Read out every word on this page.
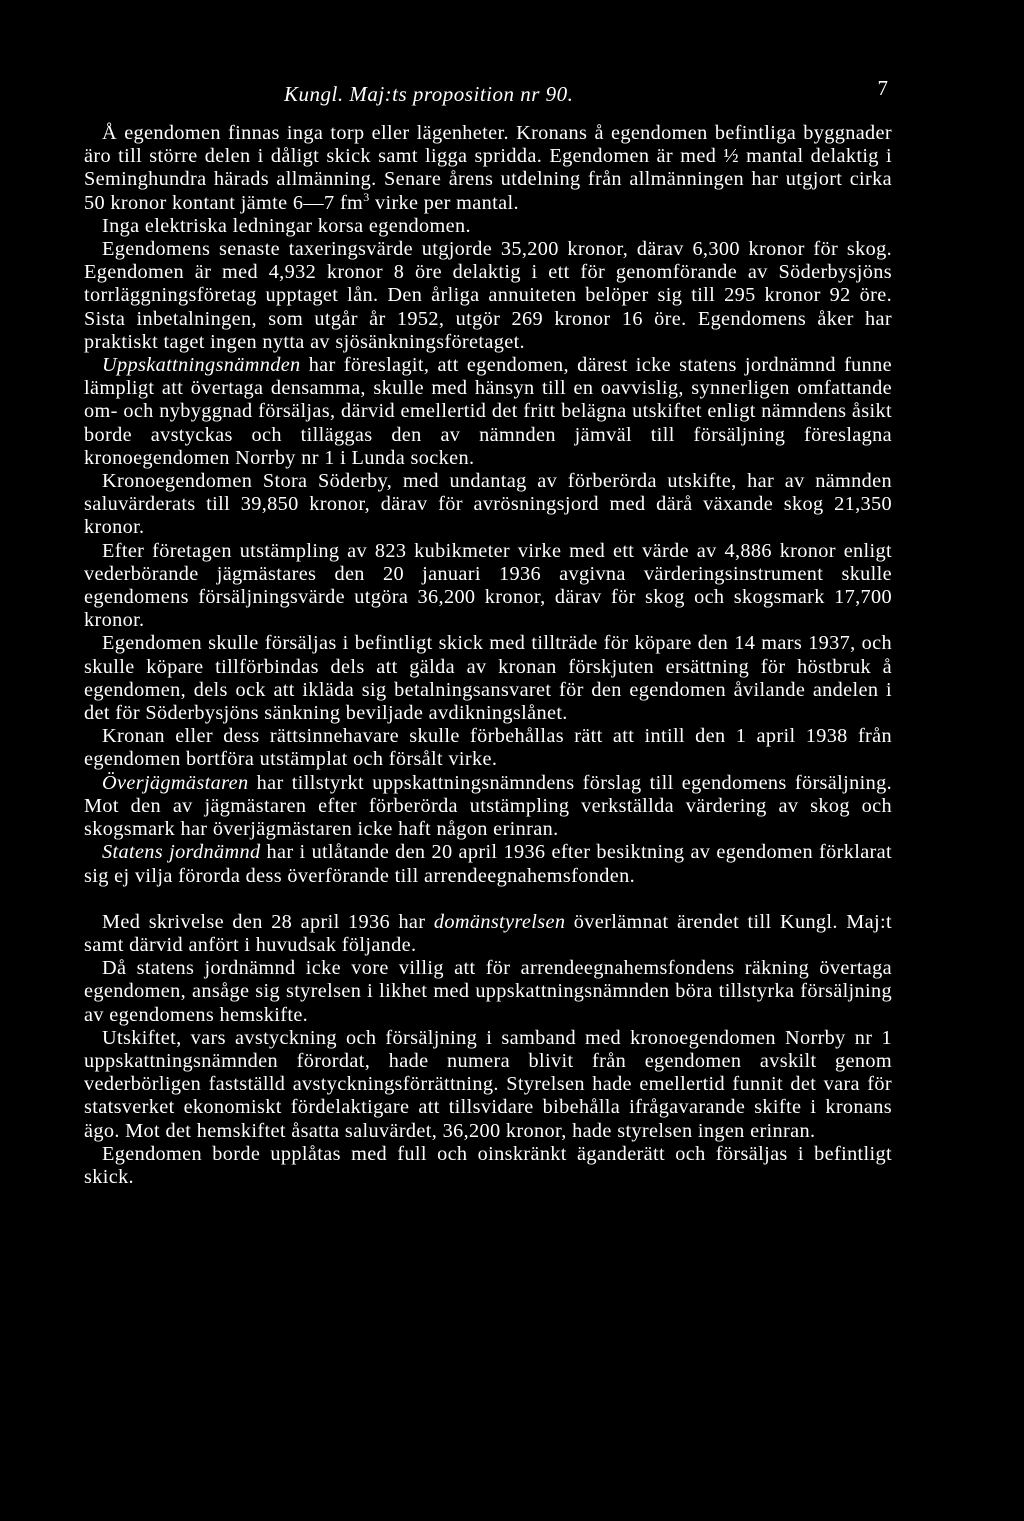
Kungl. Maj:ts proposition nr 90.	7

Å egendomen finnas inga torp eller lägenheter. Kronans å egendomen befintliga byggnader äro till större delen i dåligt skick samt ligga spridda. Egendomen är med ½ mantal delaktig i Seminghundra härads allmänning. Senare årens utdelning från allmänningen har utgjort cirka 50 kronor kontant jämte 6—7 $fm^3$ virke per mantal.

Inga elektriska ledningar korsa egendomen.

Egendomens senaste taxeringsvärde utgjorde 35,200 kronor, därav 6,300 kronor för skog. Egendomen är med 4,932 kronor 8 öre delaktig i ett för genomförande av Söderbysjöns torrläggningsföretag upptaget lån. Den årliga annuiteten belöper sig till 295 kronor 92 öre. Sista inbetalningen, som utgår år 1952, utgör 269 kronor 16 öre. Egendomens åker har praktiskt taget ingen nytta av sjösänkningsföretaget.

Uppskattningsnämnden har föreslagit, att egendomen, därest icke statens jordnämnd funne lämpligt att övertaga densamma, skulle med hänsyn till en oavvislig, synnerligen omfattande om- och nybyggnad försäljas, därvid emellertid det fritt belägna utskiftet enligt nämndens åsikt borde avstyckas och tilläggas den av nämnden jämväl till försäljning föreslagna kronoegendomen Norrby nr 1 i Lunda socken.

Kronoegendomen Stora Söderby, med undantag av förberörda utskifte, har av nämnden saluvärderats till 39,850 kronor, därav för avrösningsjord med därå växande skog 21,350 kronor.

Efter företagen utstämpling av 823 kubikmeter virke med ett värde av 4,886 kronor enligt vederbörande jägmästares den 20 januari 1936 avgivna värderingsinstrument skulle egendomens försäljningsvärde utgöra 36,200 kronor, därav för skog och skogsmark 17,700 kronor.

Egendomen skulle försäljas i befintligt skick med tillträde för köpare den 14 mars 1937, och skulle köpare tillförbindas dels att gälda av kronan förskjuten ersättning för höstbruk å egendomen, dels ock att ikläda sig betalningsansvaret för den egendomen åvilande andelen i det för Söderbysjöns sänkning beviljade avdikningslånet.

Kronan eller dess rättsinnehavare skulle förbehållas rätt att intill den 1 april 1938 från egendomen bortföra utstämplat och försålt virke.

Överjägmästaren har tillstyrkt uppskattningsnämndens förslag till egendomens försäljning. Mot den av jägmästaren efter förberörda utstämpling verkställda värdering av skog och skogsmark har överjägmästaren icke haft någon erinran.

Statens jordnämnd har i utlåtande den 20 april 1936 efter besiktning av egendomen förklarat sig ej vilja förorda dess överförande till arrendeegnahemsfonden.

Med skrivelse den 28 april 1936 har domänstyrelsen överlämnat ärendet till Kungl. Maj:t samt därvid anfört i huvudsak följande.

Då statens jordnämnd icke vore villig att för arrendeegnahemsfondens räkning övertaga egendomen, ansåge sig styrelsen i likhet med uppskattningsnämnden böra tillstyrka försäljning av egendomens hemskifte.

Utskiftet, vars avstyckning och försäljning i samband med kronoegendomen Norrby nr 1 uppskattningsnämnden förordat, hade numera blivit från egendomen avskilt genom vederbörligen fastställd avstyckningsförrättning. Styrelsen hade emellertid funnit det vara för statsverket ekonomiskt fördelaktigare att tillsvidare bibehålla ifrågavarande skifte i kronans ägo. Mot det hemskiftet åsatta saluvärdet, 36,200 kronor, hade styrelsen ingen erinran.

Egendomen borde upplåtas med full och oinskränkt äganderätt och försäljas i befintligt skick.
